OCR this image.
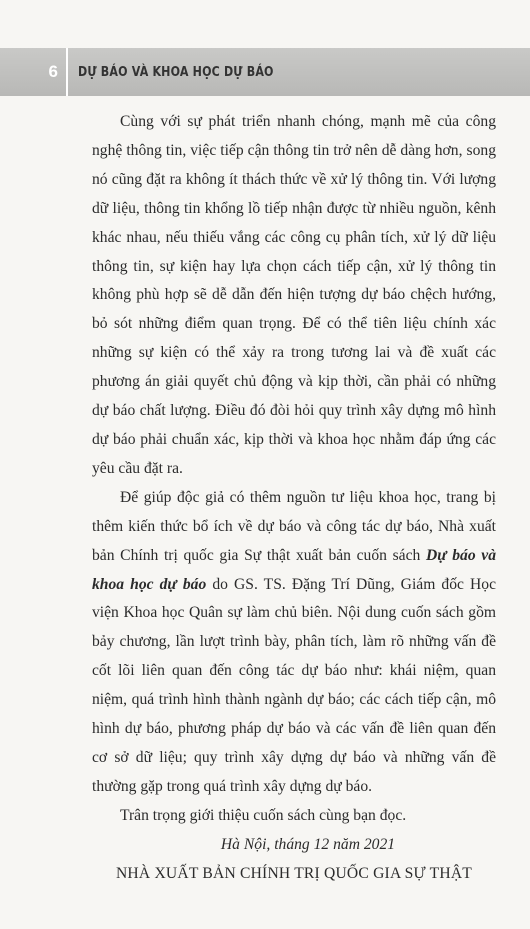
6	DỰ BÁO VÀ KHOA HỌC DỰ BÁO

Cùng với sự phát triển nhanh chóng, mạnh mẽ của công nghệ thông tin, việc tiếp cận thông tin trở nên dễ dàng hơn, song nó cũng đặt ra không ít thách thức về xử lý thông tin. Với lượng dữ liệu, thông tin khổng lồ tiếp nhận được từ nhiều nguồn, kênh khác nhau, nếu thiếu vắng các công cụ phân tích, xử lý dữ liệu thông tin, sự kiện hay lựa chọn cách tiếp cận, xử lý thông tin không phù hợp sẽ dễ dẫn đến hiện tượng dự báo chệch hướng, bỏ sót những điểm quan trọng. Để có thể tiên liệu chính xác những sự kiện có thể xảy ra trong tương lai và đề xuất các phương án giải quyết chủ động và kịp thời, cần phải có những dự báo chất lượng. Điều đó đòi hỏi quy trình xây dựng mô hình dự báo phải chuẩn xác, kịp thời và khoa học nhằm đáp ứng các yêu cầu đặt ra.

Để giúp độc giả có thêm nguồn tư liệu khoa học, trang bị thêm kiến thức bổ ích về dự báo và công tác dự báo, Nhà xuất bản Chính trị quốc gia Sự thật xuất bản cuốn sách Dự báo và khoa học dự báo do GS. TS. Đặng Trí Dũng, Giám đốc Học viện Khoa học Quân sự làm chủ biên. Nội dung cuốn sách gồm bảy chương, lần lượt trình bày, phân tích, làm rõ những vấn đề cốt lõi liên quan đến công tác dự báo như: khái niệm, quan niệm, quá trình hình thành ngành dự báo; các cách tiếp cận, mô hình dự báo, phương pháp dự báo và các vấn đề liên quan đến cơ sở dữ liệu; quy trình xây dựng dự báo và những vấn đề thường gặp trong quá trình xây dựng dự báo.

Trân trọng giới thiệu cuốn sách cùng bạn đọc.

Hà Nội, tháng 12 năm 2021

NHÀ XUẤT BẢN CHÍNH TRỊ QUỐC GIA SỰ THẬT
